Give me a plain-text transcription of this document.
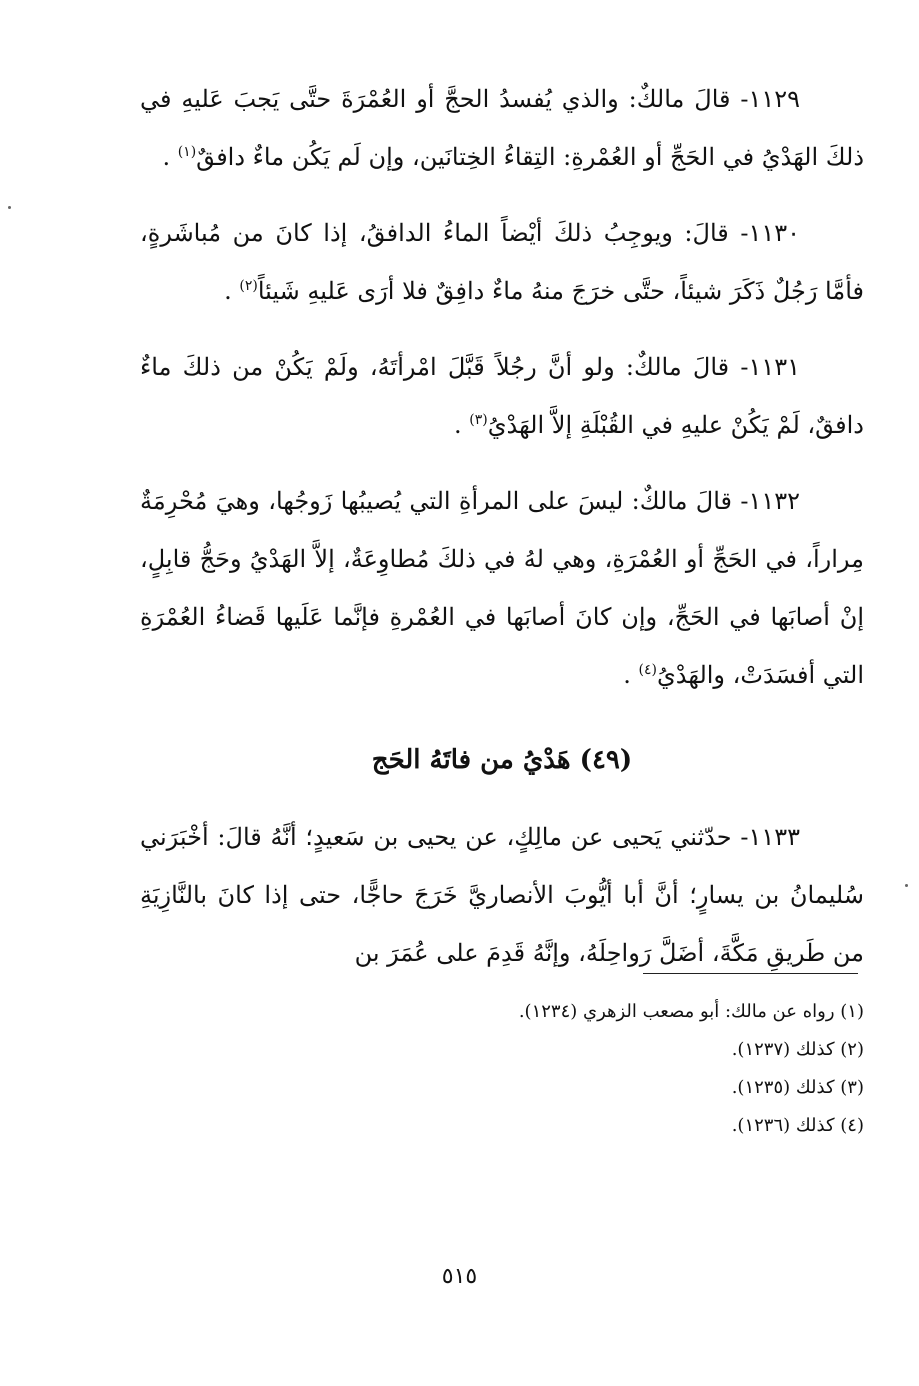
١١٢٩- قالَ مالكٌ: والذي يُفسدُ الحجَّ أو العُمْرَةَ حتَّى يَجبَ عَليهِ في ذلكَ الهَدْيُ في الحَجِّ أو العُمْرةِ: التِقاءُ الخِتانَين، وإن لَم يَكُن ماءٌ دافقٌ$^{(١)}$ .

١١٣٠- قالَ: ويوجِبُ ذلكَ أيْضاً الماءُ الدافقُ، إذا كانَ من مُباشَرةٍ، فأمَّا رَجُلٌ ذَكَرَ شيئاً، حتَّى خرَجَ منهُ ماءٌ دافِقٌ فلا أرَى عَليهِ شَيئاً$^{(٢)}$ .

١١٣١- قالَ مالكٌ: ولو أنَّ رجُلاً قَبَّلَ امْرأتَهُ، ولَمْ يَكُنْ من ذلكَ ماءٌ دافقٌ، لَمْ يَكُنْ عليهِ في القُبْلَةِ إلاَّ الهَدْيُ$^{(٣)}$ .

١١٣٢- قالَ مالكٌ: ليسَ على المرأةِ التي يُصيبُها زَوجُها، وهيَ مُحْرِمَةٌ مِراراً، في الحَجِّ أو العُمْرَةِ، وهي لهُ في ذلكَ مُطاوِعَةٌ، إلاَّ الهَدْيُ وحَجُّ قابِلٍ، إنْ أصابَها في الحَجِّ، وإن كانَ أصابَها في العُمْرةِ فإنَّما عَلَيها قَضاءُ العُمْرَةِ التي أفسَدَتْ، والهَدْيُ$^{(٤)}$ .

(٤٩) هَدْيُ من فاتَهُ الحَج

١١٣٣- حدّثني يَحيى عن مالِكٍ، عن يحيى بن سَعيدٍ؛ أنَّهُ قالَ: أخْبَرَني سُليمانُ بن يسارٍ؛ أنَّ أبا أيُّوبَ الأنصاريَّ خَرَجَ حاجًّا، حتى إذا كانَ بالنَّازِيَةِ من طَريقِ مَكَّةَ، أضَلَّ رَواحِلَهُ، وإنَّهُ قَدِمَ على عُمَرَ بن

(١) رواه عن مالك: أبو مصعب الزهري (١٢٣٤).

(٢) كذلك (١٢٣٧).

(٣) كذلك (١٢٣٥).

(٤) كذلك (١٢٣٦).

٥١٥
